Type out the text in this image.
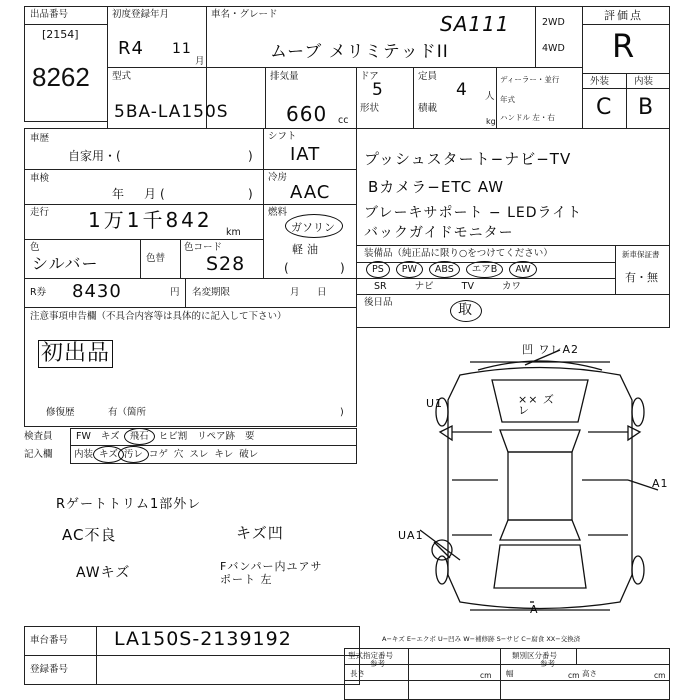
出品番号
[2154]
8262
初度登録年月
R4 11
月
車名・グレード	SA111
ムーブ メリミテッドII
2WD
4WD
評価点
R
型式
5BA-LA150S
排気量
660 cc
ドア
5
形状
定員
4 人
積載
kg
ディーラー・並行
年式
ハンドル 左・右
外装	内装
C B
車歴
自家用・(	)
車検
年　月(	)
走行 1万1千842
km
色
シルバー	色替
色コード
S28
シフト
IAT
冷房
AAC
燃料
ガソリン
軽油
(	)
R券 8430	円 名変期限	月　日
注意事項申告欄（不具合内容等は具体的に記入して下さい）
初出品
修復歴	有（箇所	)
検査員
記入欄
プッシュスタート−ナビ−TV
Bカメラ−ETC AW
ブレーキサポート − LEDライト
バックガイドモニター
装備品（純正品に限り○をつけてください）	新車保証書
有・無
後日品	取
凹 ワレA2
U1	×× ズレ
A1
UA1
A
A−キズ E−エクボ U−凹み W−補修跡 S−サビ C−腐食 XX−交換済
Rゲートトリム1部外レ
AC不良	キズ凹
AWキズ	Fバンパー内ユアサポート 左
車台番号 LA150S-2139192
登録番号
型式指定番号
参考
類別区分番号
参考
長さ	cm 幅	cm 高さ	cm
PS PW ABS エアB AW
SR	ナビ	TV	カワ
FW キズ 飛石 ヒビ割 リペア跡 要
内装 キズ 汚レ コゲ 穴 スレ キレ 破レ
